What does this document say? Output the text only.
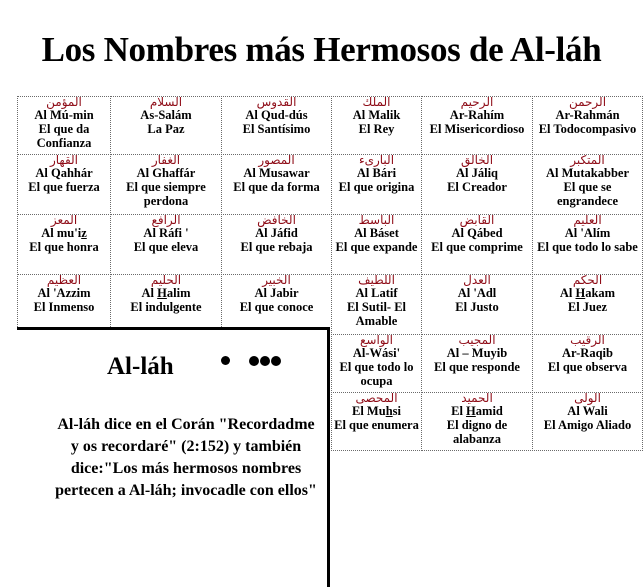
Los Nombres más Hermosos de Al-láh
المؤمن
Al Mú-min
El que da Confianza
السلام
As-Salám
La Paz
القدوس
Al Qud-dús
El Santísimo
الملك
Al Malik
El Rey
الرحيم
Ar-Rahím
El Misericordioso
الرحمن
Ar-Rahmán
El Todocompasivo
القهار
Al Qahhár
El que fuerza
الغفار
Al Ghaffár
El que siempre perdona
المصور
Al Musawar
El que da forma
البارىء
Al Bári
El que origina
الخالق
Al Jáliq
El Creador
المتكبر
Al Mutakabber
El que se engrandece
المعز
Al mu'iz
El que honra
الرافع
Al Ráfi '
El que eleva
الخافض
Al Jáfid
El que rebaja
الباسط
Al Báset
El que expande
القابض
Al Qábed
El que comprime
العليم
Al 'Alím
El que todo lo sabe
العظيم
Al 'Azzim
El Inmenso
الحليم
Al Halim
El indulgente
الخبير
Al Jabir
El que conoce
اللطيف
Al Latif
El Sutil- El Amable
العدل
Al 'Adl
El Justo
الحكم
Al Hakam
El Juez
الواسع
Al-Wási'
El que todo lo ocupa
المجيب
Al – Muyib
El que responde
الرقيب
Ar-Raqib
El que observa
المحصى
El Muhsi
El que enumera
الحميد
El Hamid
El digno de alabanza
الولى
Al Wali
El Amigo Aliado
Al-láh
Al-láh dice en el Corán "Recordadme y os recordaré" (2:152) y también dice:"Los más hermosos nombres pertecen a Al-láh; invocadle con ellos"
